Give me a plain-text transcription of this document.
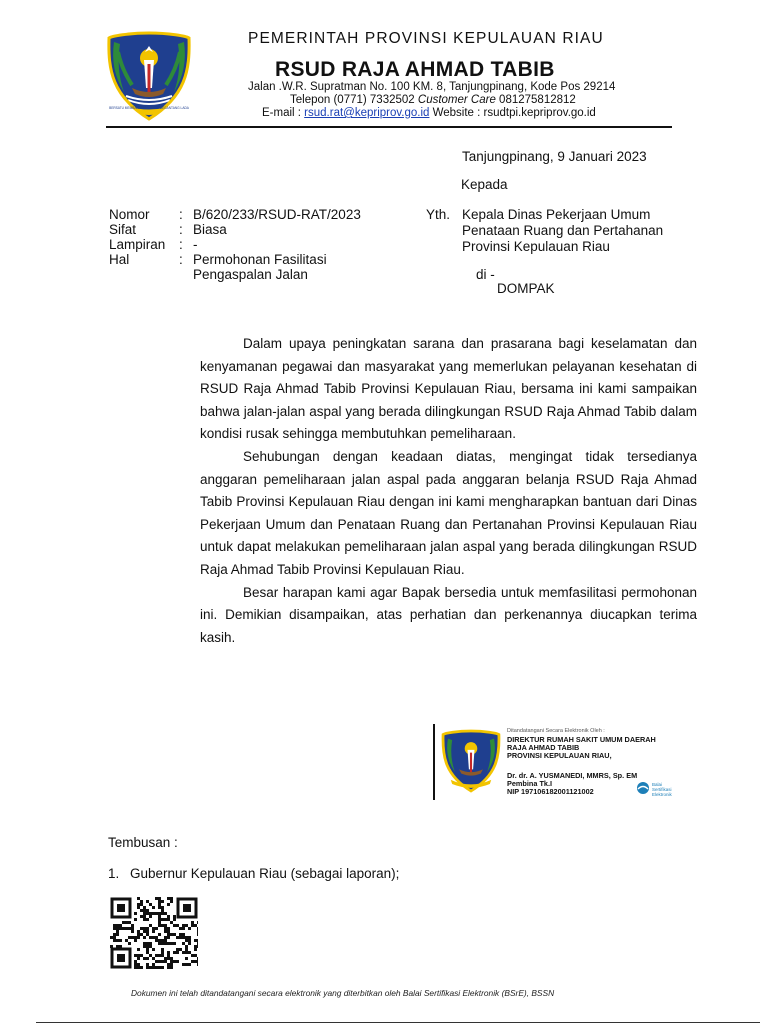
BERSATU MEMBANGUN NEGERI SEGANTANG LADA
PEMERINTAH PROVINSI KEPULAUAN RIAU
RSUD RAJA AHMAD TABIB
Jalan .W.R. Supratman No. 100 KM. 8, Tanjungpinang, Kode Pos 29214
Telepon (0771) 7332502 Customer Care 081275812812
E-mail : rsud.rat@kepriprov.go.id Website : rsudtpi.kepriprov.go.id
Tanjungpinang, 9 Januari 2023
Kepada
Nomor : B/620/233/RSUD-RAT/2023
Sifat	: Biasa
Lampiran : -
Hal	: Permohonan Fasilitasi
Pengaspalan Jalan
Yth. Kepala Dinas Pekerjaan Umum
Penataan Ruang dan Pertahanan
Provinsi Kepulauan Riau
di -
DOMPAK

Dalam upaya peningkatan sarana dan prasarana bagi keselamatan dan kenyamanan pegawai dan masyarakat yang memerlukan pelayanan kesehatan di RSUD Raja Ahmad Tabib Provinsi Kepulauan Riau, bersama ini kami sampaikan bahwa jalan-jalan aspal yang berada dilingkungan RSUD Raja Ahmad Tabib dalam kondisi rusak sehingga membutuhkan pemeliharaan.

Sehubungan dengan keadaan diatas, mengingat tidak tersedianya anggaran pemeliharaan jalan aspal pada anggaran belanja RSUD Raja Ahmad Tabib Provinsi Kepulauan Riau dengan ini kami mengharapkan bantuan dari Dinas Pekerjaan Umum dan Penataan Ruang dan Pertanahan Provinsi Kepulauan Riau untuk dapat melakukan pemeliharaan jalan aspal yang berada dilingkungan RSUD Raja Ahmad Tabib Provinsi Kepulauan Riau.

Besar harapan kami agar Bapak bersedia untuk memfasilitasi permohonan ini. Demikian disampaikan, atas perhatian dan perkenannya diucapkan terima kasih.

Ditandatangani Secara Elektronik Oleh :
DIREKTUR RUMAH SAKIT UMUM DAERAH
RAJA AHMAD TABIB
PROVINSI KEPULAUAN RIAU,
Dr. dr. A. YUSMANEDI, MMRS, Sp. EM
Pembina Tk.I
NIP 197106182001121002
Balai
Sertifikasi
Elektronik
Tembusan :
1. Gubernur Kepulauan Riau (sebagai laporan);
Dokumen ini telah ditandatangani secara elektronik yang diterbitkan oleh Balai Sertifikasi Elektronik (BSrE), BSSN
